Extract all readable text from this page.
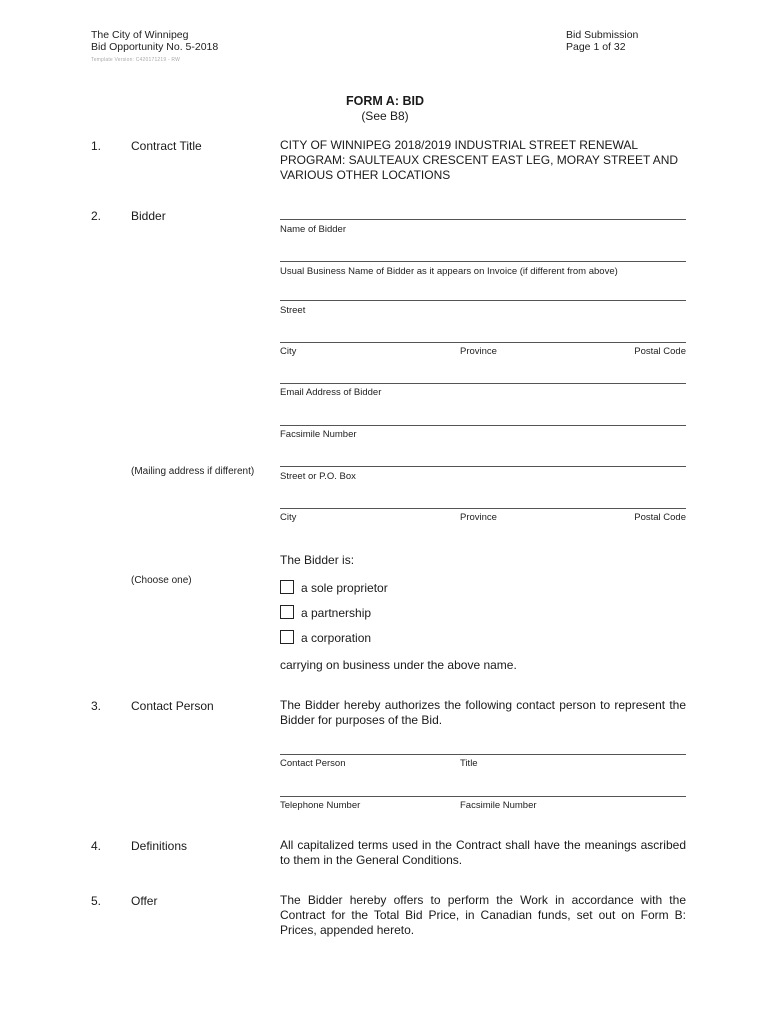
The City of Winnipeg
Bid Opportunity No. 5-2018
Template Version: C420171219 - RW
Bid Submission
Page 1 of 32
FORM A: BID
(See B8)
1. Contract Title	CITY OF WINNIPEG 2018/2019 INDUSTRIAL STREET RENEWAL PROGRAM: SAULTEAUX CRESCENT EAST LEG, MORAY STREET AND VARIOUS OTHER LOCATIONS
2. Bidder
Name of Bidder
Usual Business Name of Bidder as it appears on Invoice (if different from above)
Street
City	Province	Postal Code
Email Address of Bidder
Facsimile Number
(Mailing address if different)	Street or P.O. Box
City	Province	Postal Code
The Bidder is:
(Choose one)
a sole proprietor
a partnership
a corporation
carrying on business under the above name.
3. Contact Person	The Bidder hereby authorizes the following contact person to represent the Bidder for purposes of the Bid.
Contact Person	Title
Telephone Number	Facsimile Number
4. Definitions	All capitalized terms used in the Contract shall have the meanings ascribed to them in the General Conditions.
5. Offer	The Bidder hereby offers to perform the Work in accordance with the Contract for the Total Bid Price, in Canadian funds, set out on Form B: Prices, appended hereto.
